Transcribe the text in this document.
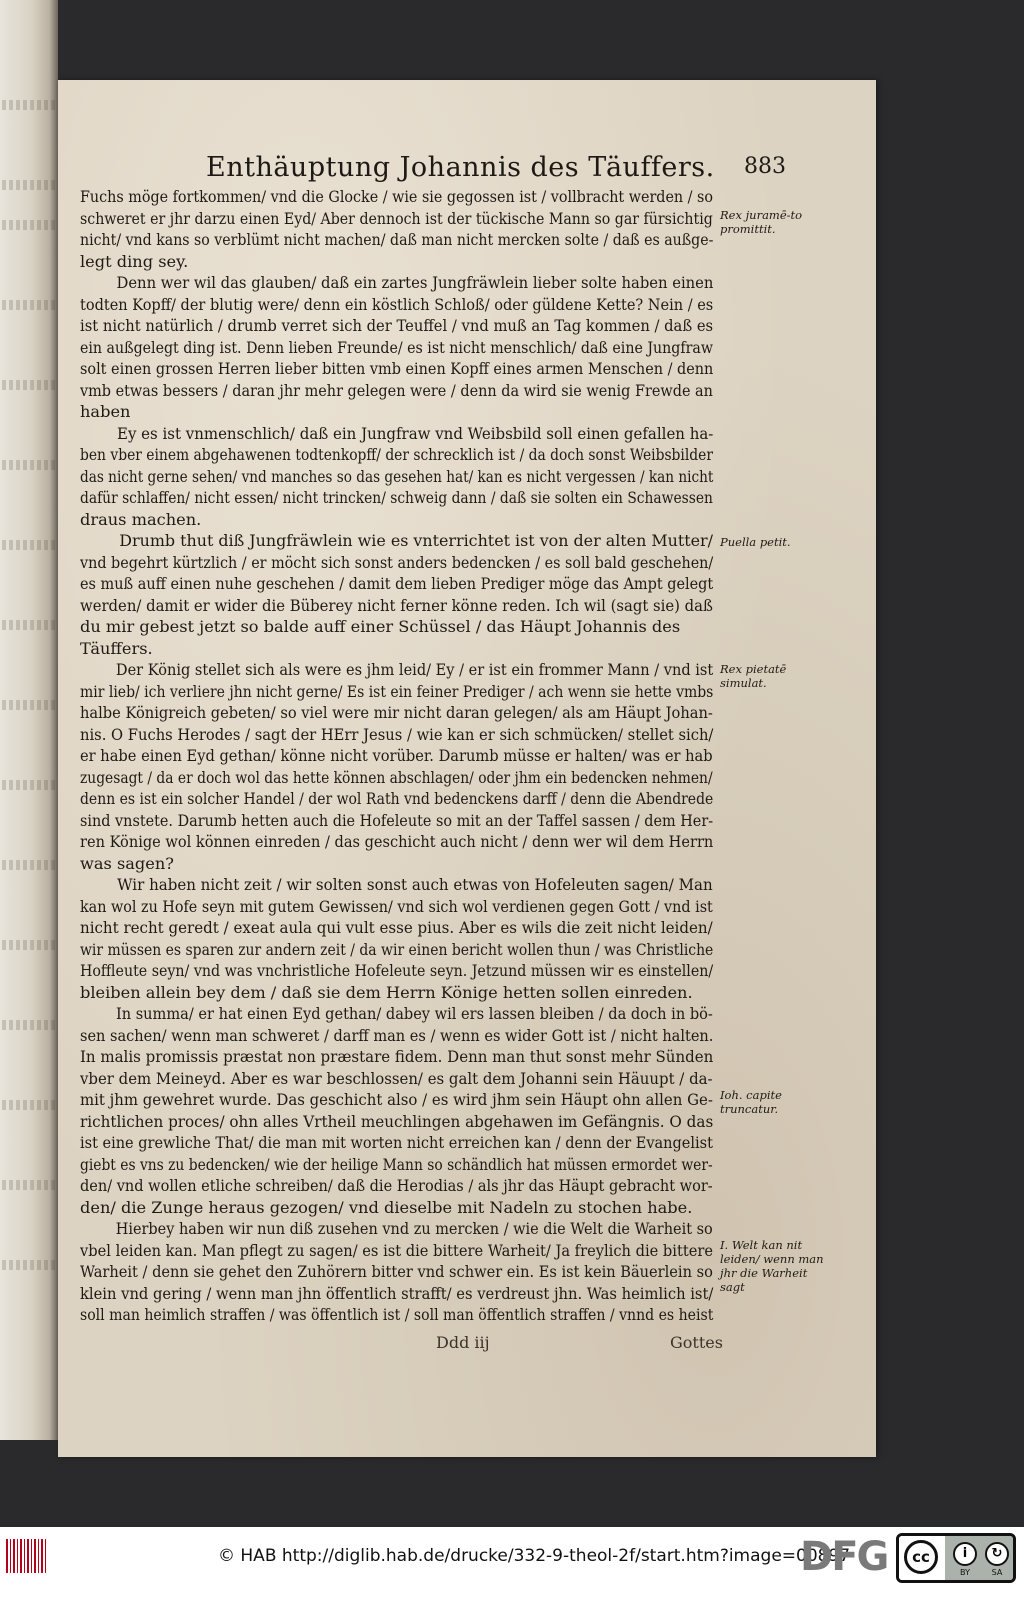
Enthäuptung Johannis des Täuffers.	883

Fuchs möge fortkommen/ vnd die Glocke / wie sie gegossen ist / vollbracht werden / so
schweret er jhr darzu einen Eyd/ Aber dennoch ist der tückische Mann so gar fürsichtig
nicht/ vnd kans so verblümt nicht machen/ daß man nicht mercken solte / daß es außge-
legt ding sey.

Denn wer wil das glauben/ daß ein zartes Jungfräwlein lieber solte haben einen
todten Kopff/ der blutig were/ denn ein köstlich Schloß/ oder güldene Kette? Nein / es
ist nicht natürlich / drumb verret sich der Teuffel / vnd muß an Tag kommen / daß es
ein außgelegt ding ist. Denn lieben Freunde/ es ist nicht menschlich/ daß eine Jungfraw
solt einen grossen Herren lieber bitten vmb einen Kopff eines armen Menschen / denn
vmb etwas bessers / daran jhr mehr gelegen were / denn da wird sie wenig Frewde an
haben

Ey es ist vnmenschlich/ daß ein Jungfraw vnd Weibsbild soll einen gefallen ha-
ben vber einem abgehawenen todtenkopff/ der schrecklich ist / da doch sonst Weibsbilder
das nicht gerne sehen/ vnd manches so das gesehen hat/ kan es nicht vergessen / kan nicht
dafür schlaffen/ nicht essen/ nicht trincken/ schweig dann / daß sie solten ein Schawessen
draus machen.

Drumb thut diß Jungfräwlein wie es vnterrichtet ist von der alten Mutter/
vnd begehrt kürtzlich / er möcht sich sonst anders bedencken / es soll bald geschehen/
es muß auff einen nuhe geschehen / damit dem lieben Prediger möge das Ampt gelegt
werden/ damit er wider die Büberey nicht ferner könne reden. Ich wil (sagt sie) daß
du mir gebest jetzt so balde auff einer Schüssel / das Häupt Johannis des
Täuffers.

Der König stellet sich als were es jhm leid/ Ey / er ist ein frommer Mann / vnd ist
mir lieb/ ich verliere jhn nicht gerne/ Es ist ein feiner Prediger / ach wenn sie hette vmbs
halbe Königreich gebeten/ so viel were mir nicht daran gelegen/ als am Häupt Johan-
nis. O Fuchs Herodes / sagt der HErr Jesus / wie kan er sich schmücken/ stellet sich/
er habe einen Eyd gethan/ könne nicht vorüber. Darumb müsse er halten/ was er hab
zugesagt / da er doch wol das hette können abschlagen/ oder jhm ein bedencken nehmen/
denn es ist ein solcher Handel / der wol Rath vnd bedenckens darff / denn die Abendrede
sind vnstete. Darumb hetten auch die Hofeleute so mit an der Taffel sassen / dem Her-
ren Könige wol können einreden / das geschicht auch nicht / denn wer wil dem Herrn
was sagen?

Wir haben nicht zeit / wir solten sonst auch etwas von Hofeleuten sagen/ Man
kan wol zu Hofe seyn mit gutem Gewissen/ vnd sich wol verdienen gegen Gott / vnd ist
nicht recht geredt / exeat aula qui vult esse pius. Aber es wils die zeit nicht leiden/
wir müssen es sparen zur andern zeit / da wir einen bericht wollen thun / was Christliche
Hoffleute seyn/ vnd was vnchristliche Hofeleute seyn. Jetzund müssen wir es einstellen/
bleiben allein bey dem / daß sie dem Herrn Könige hetten sollen einreden.

In summa/ er hat einen Eyd gethan/ dabey wil ers lassen bleiben / da doch in bö-
sen sachen/ wenn man schweret / darff man es / wenn es wider Gott ist / nicht halten.
In malis promissis præstat non præstare fidem. Denn man thut sonst mehr Sünden
vber dem Meineyd. Aber es war beschlossen/ es galt dem Johanni sein Häuupt / da-
mit jhm gewehret wurde. Das geschicht also / es wird jhm sein Häupt ohn allen Ge-
richtlichen proces/ ohn alles Vrtheil meuchlingen abgehawen im Gefängnis. O das
ist eine grewliche That/ die man mit worten nicht erreichen kan / denn der Evangelist
giebt es vns zu bedencken/ wie der heilige Mann so schändlich hat müssen ermordet wer-
den/ vnd wollen etliche schreiben/ daß die Herodias / als jhr das Häupt gebracht wor-
den/ die Zunge heraus gezogen/ vnd dieselbe mit Nadeln zu stochen habe.

Hierbey haben wir nun diß zusehen vnd zu mercken / wie die Welt die Warheit so
vbel leiden kan. Man pflegt zu sagen/ es ist die bittere Warheit/ Ja freylich die bittere
Warheit / denn sie gehet den Zuhörern bitter vnd schwer ein. Es ist kein Bäuerlein so
klein vnd gering / wenn man jhn öffentlich strafft/ es verdreust jhn. Was heimlich ist/
soll man heimlich straffen / was öffentlich ist / soll man öffentlich straffen / vnnd es heist

Rex juramē-to promittit.
Puella petit.
Rex pietatē simulat.
Ioh. capite truncatur.
I. Welt kan nit leiden/ wenn man jhr die Warheit sagt
Ddd iij	Gottes
© HAB http://diglib.hab.de/drucke/332-9-theol-2f/start.htm?image=00897
DFG	cc	i
BY
↻
SA
